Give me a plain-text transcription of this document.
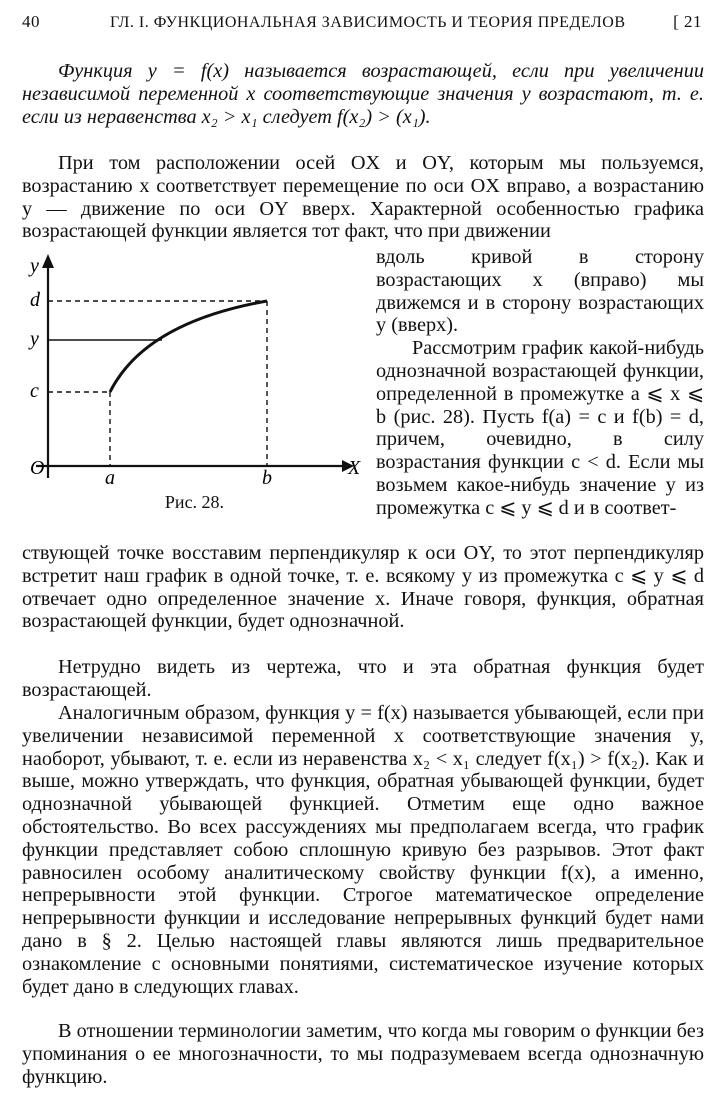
40	ГЛ. I. ФУНКЦИОНАЛЬНАЯ ЗАВИСИМОСТЬ И ТЕОРИЯ ПРЕДЕЛОВ	[ 21
Функция y = f(x) называется возрастающей, если при увеличении независимой переменной x соответствующие значения y возрастают, т. е. если из неравенства x₂ > x₁ следует f(x₂) > (x₁).
При том расположении осей OX и OY, которым мы пользуемся, возрастанию x соответствует перемещение по оси OX вправо, а возрастанию y — движение по оси OY вверх. Характерной особенностью графика возрастающей функции является тот факт, что при движении
y
X
O
d
y
c
a	b
Рис. 28.
вдоль кривой в сторону возрастающих x (вправо) мы движемся и в сторону возрастающих y (вверх).
Рассмотрим график какой-нибудь однозначной возрастающей функции, определенной в промежутке a ⩽ x ⩽ b (рис. 28). Пусть f(a) = c и f(b) = d, причем, очевидно, в силу возрастания функции c < d. Если мы возьмем какое-нибудь значение y из промежутка c ⩽ y ⩽ d и в соответ-
ствующей точке восставим перпендикуляр к оси OY, то этот перпендикуляр встретит наш график в одной точке, т. е. всякому y из промежутка c ⩽ y ⩽ d отвечает одно определенное значение x. Иначе говоря, функция, обратная возрастающей функции, будет однозначной.
Нетрудно видеть из чертежа, что и эта обратная функция будет возрастающей.
Аналогичным образом, функция y = f(x) называется убывающей, если при увеличении независимой переменной x соответствующие значения y, наоборот, убывают, т. е. если из неравенства x₂ < x₁ следует f(x₁) > f(x₂). Как и выше, можно утверждать, что функция, обратная убывающей функции, будет однозначной убывающей функцией. Отметим еще одно важное обстоятельство. Во всех рассуждениях мы предполагаем всегда, что график функции представляет собою сплошную кривую без разрывов. Этот факт равносилен особому аналитическому свойству функции f(x), а именно, непрерывности этой функции. Строгое математическое определение непрерывности функции и исследование непрерывных функций будет нами дано в § 2. Целью настоящей главы являются лишь предварительное ознакомление с основными понятиями, систематическое изучение которых будет дано в следующих главах.
В отношении терминологии заметим, что когда мы говорим о функции без упоминания о ее многозначности, то мы подразумеваем всегда однозначную функцию.
